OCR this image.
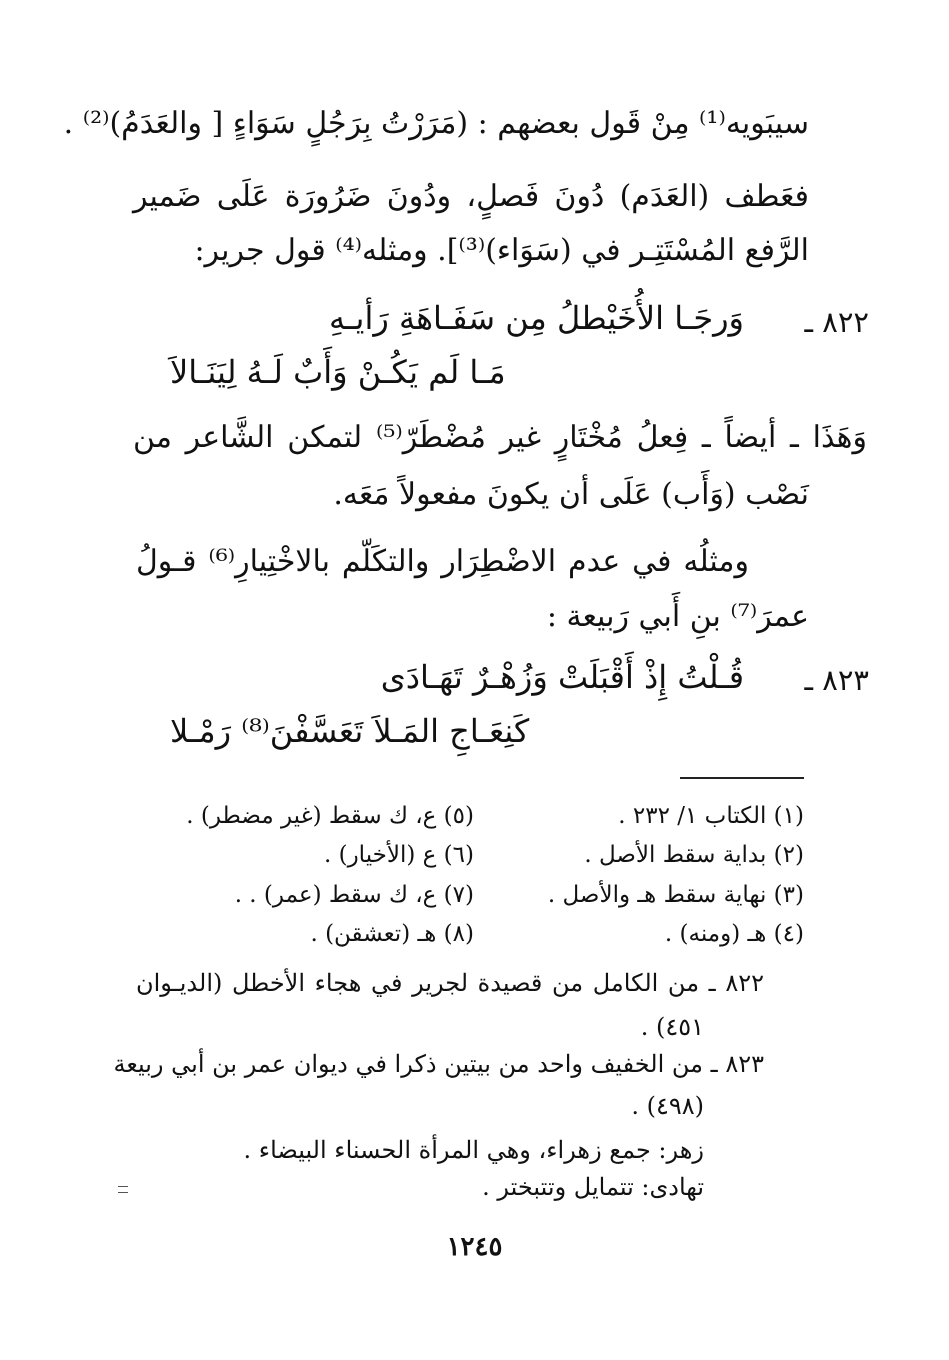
سيبَويه⁽¹⁾ مِنْ قَول بعضهم : (مَرَرْتُ بِرَجُلٍ سَوَاءٍ [ والعَدَمُ)⁽²⁾ .
فعَطف (العَدَم) دُونَ فَصلٍ، ودُونَ ضَرُورَة عَلَى ضَمير
الرَّفع المُسْتَتِـر في (سَوَاء)⁽³⁾]. ومثله⁽⁴⁾ قول جرير:
٨٢٢ ـ
وَرجَـا الأُخَيْطلُ مِن سَفَـاهَةِ رَأيـهِ
مَـا لَم يَكُـنْ وَأَبٌ لَـهُ لِيَنَـالاَ
وَهَذَا ـ أيضاً ـ فِعلُ مُخْتَارٍ غير مُضْطَرّ⁽⁵⁾ لتمكن الشَّاعر من
نَصْب (وَأَب) عَلَى أن يكونَ مفعولاً مَعَه.
ومثلُه في عدم الاضْطِرَار والتكَلّم بالاخْتِيارِ⁽⁶⁾ قـولُ
عمرَ⁽⁷⁾ بنِ أَبي رَبيعة :
٨٢٣ ـ
قُـلْتُ إِذْ أَقْبَلَتْ وَزُهْـرٌ تَهَـادَى
كَنِعَـاجِ المَـلاَ تَعَسَّفْنَ⁽⁸⁾ رَمْـلا
(١) الكتاب ١/ ٢٣٢ .
(٢) بداية سقط الأصل .
(٣) نهاية سقط هـ والأصل .
(٤) هـ (ومنه) .
(٥) ع، ك سقط (غير مضطر) .
(٦) ع (الأخيار) .
(٧) ع، ك سقط (عمر) . .
(٨) هـ (تعشقن) .
٨٢٢ ـ من الكامل من قصيدة لجرير في هجاء الأخطل (الديـوان
٤٥١) .
٨٢٣ ـ من الخفيف واحد من بيتين ذكرا في ديوان عمر بن أبي ربيعة
(٤٩٨) .
زهر: جمع زهراء، وهي المرأة الحسناء البيضاء .
تهادى: تتمايل وتتبختر .
١٢٤٥
